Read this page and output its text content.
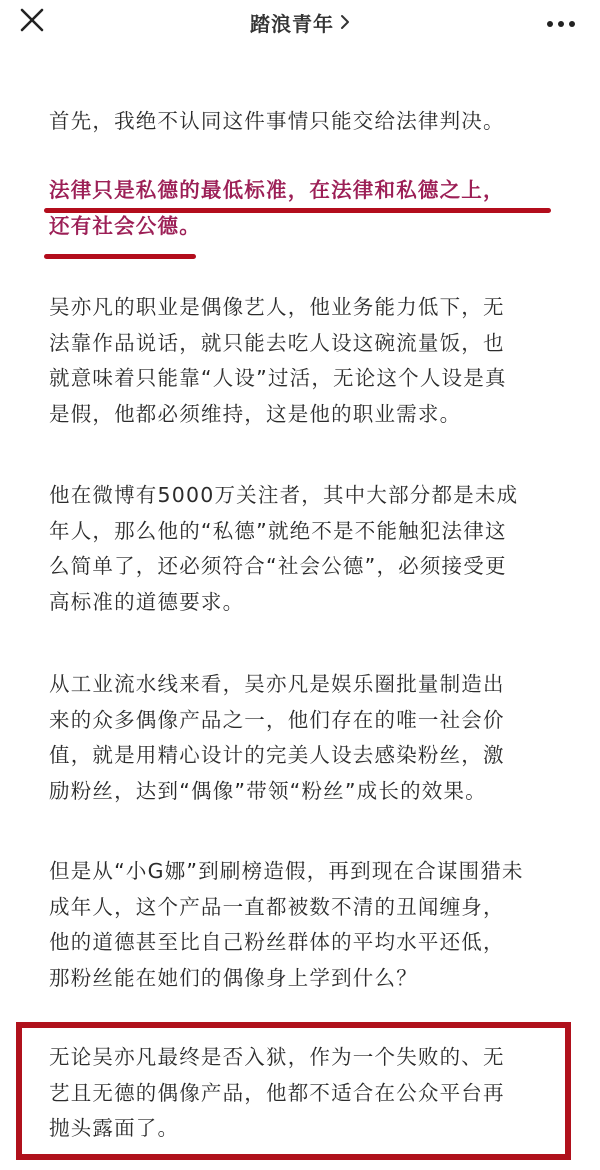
踏浪青年
首先，我绝不认同这件事情只能交给法律判决。
法律只是私德的最低标准，在法律和私德之上，
还有社会公德。
吴亦凡的职业是偶像艺人，他业务能力低下，无
法靠作品说话，就只能去吃人设这碗流量饭，也
就意味着只能靠“人设”过活，无论这个人设是真
是假，他都必须维持，这是他的职业需求。
他在微博有5000万关注者，其中大部分都是未成
年人，那么他的“私德”就绝不是不能触犯法律这
么简单了，还必须符合“社会公德”，必须接受更
高标准的道德要求。
从工业流水线来看，吴亦凡是娱乐圈批量制造出
来的众多偶像产品之一，他们存在的唯一社会价
值，就是用精心设计的完美人设去感染粉丝，激
励粉丝，达到“偶像”带领“粉丝”成长的效果。
但是从“小G娜”到刷榜造假，再到现在合谋围猎未
成年人，这个产品一直都被数不清的丑闻缠身，
他的道德甚至比自己粉丝群体的平均水平还低，
那粉丝能在她们的偶像身上学到什么？
无论吴亦凡最终是否入狱，作为一个失败的、无
艺且无德的偶像产品，他都不适合在公众平台再
抛头露面了。
